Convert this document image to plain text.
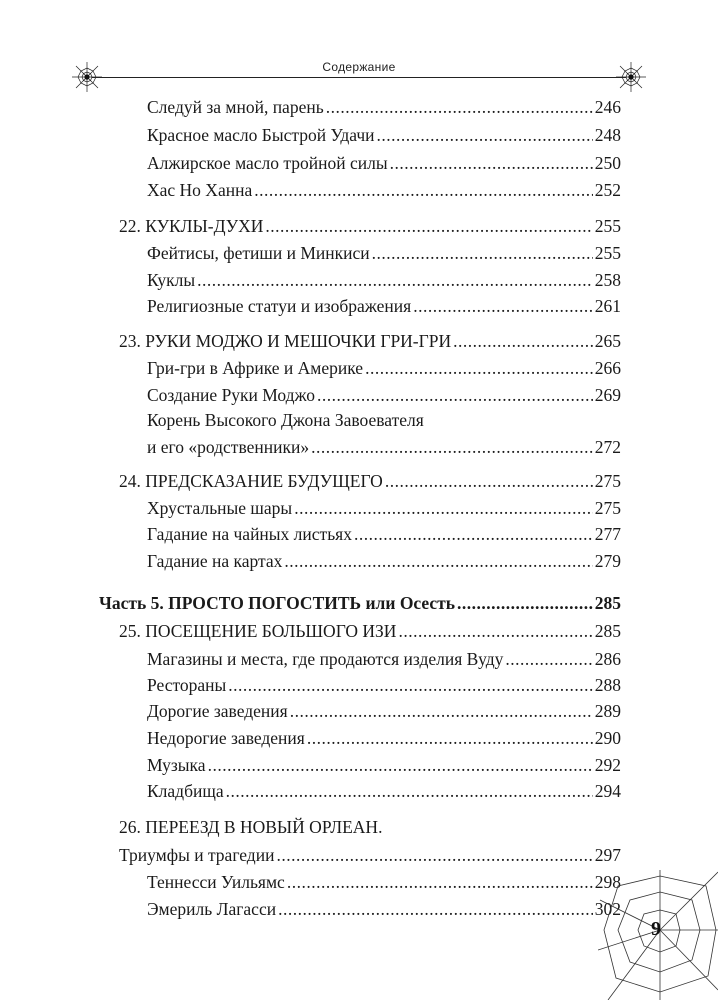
Содержание
Следуй за мной, парень .....	246
Красное масло Быстрой Удачи .....	248
Алжирское масло тройной силы .....	250
Хас Но Ханна .....	252
22. КУКЛЫ-ДУХИ .....	255
Фейтисы, фетиши и Минкиси .....	255
Куклы .....	258
Религиозные статуи и изображения .....	261
23. РУКИ МОДЖО И МЕШОЧКИ ГРИ-ГРИ .....	265
Гри-гри в Африке и Америке .....	266
Создание Руки Моджо .....	269
Корень Высокого Джона Завоевателя
и его «родственники» .....	272
24. ПРЕДСКАЗАНИЕ БУДУЩЕГО .....	275
Хрустальные шары .....	275
Гадание на чайных листьях .....	277
Гадание на картах .....	279
Часть 5. ПРОСТО ПОГОСТИТЬ или Осесть .....	285
25. ПОСЕЩЕНИЕ БОЛЬШОГО ИЗИ .....	285
Магазины и места, где продаются изделия Вуду .....	286
Рестораны .....	288
Дорогие заведения .....	289
Недорогие заведения .....	290
Музыка .....	292
Кладбища .....	294
26. ПЕРЕЕЗД В НОВЫЙ ОРЛЕАН.
Триумфы и трагедии .....	297
Теннесси Уильямс .....	298
Эмериль Лагасси .....	302
9
